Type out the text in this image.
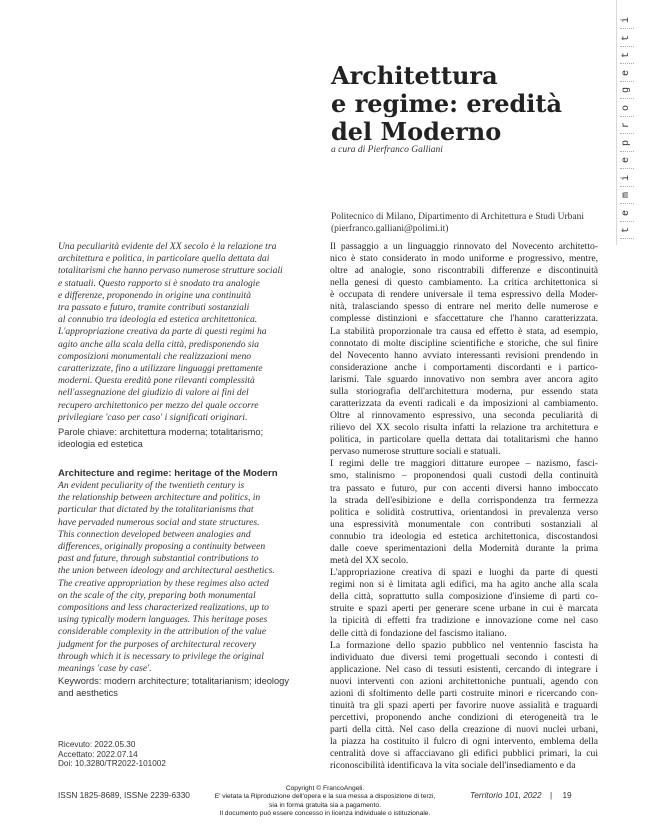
Architettura
e regime: eredità
del Moderno
a cura di Pierfranco Galliani
Politecnico di Milano, Dipartimento di Architettura e Studi Urbani
(pierfranco.galliani@polimi.it)
Una peculiarità evidente del XX secolo è la relazione tra
architettura e politica, in particolare quella dettata dai
totalitarismi che hanno pervaso numerose strutture sociali
e statuali. Questo rapporto si è snodato tra analogie
e differenze, proponendo in origine una continuità
tra passato e futuro, tramite contributi sostanziali
al connubio tra ideologia ed estetica architettonica.
L'appropriazione creativa da parte di questi regimi ha
agito anche alla scala della città, predisponendo sia
composizioni monumentali che realizzazioni meno
caratterizzate, fino a utilizzare linguaggi prettamente
moderni. Questa eredità pone rilevanti complessità
nell'assegnazione del giudizio di valore ai fini del
recupero architettonico per mezzo del quale occorre
privilegiare 'caso per caso' i significati originari.
Parole chiave: architettura moderna; totalitarismo;
ideologia ed estetica
Architecture and regime: heritage of the Modern
An evident peculiarity of the twentieth century is
the relationship between architecture and politics, in
particular that dictated by the totalitarianisms that
have pervaded numerous social and state structures.
This connection developed between analogies and
differences, originally proposing a continuity between
past and future, through substantial contributions to
the union between ideology and architectural aesthetics.
The creative appropriation by these regimes also acted
on the scale of the city, preparing both monumental
compositions and less characterized realizations, up to
using typically modern languages. This heritage poses
considerable complexity in the attribution of the value
judgment for the purposes of architectural recovery
through which it is necessary to privilege the original
meanings 'case by case'.
Keywords: modern architecture; totalitarianism; ideology
and aesthetics
Il passaggio a un linguaggio rinnovato del Novecento architetto-
nico è stato considerato in modo uniforme e progressivo, mentre,
oltre ad analogie, sono riscontrabili differenze e discontinuità
nella genesi di questo cambiamento. La critica architettonica si
è occupata di rendere universale il tema espressivo della Moder-
nità, tralasciando spesso di entrare nel merito delle numerose e
complesse distinzioni e sfaccettature che l'hanno caratterizzata.
La stabilità proporzionale tra causa ed effetto è stata, ad esempio,
connotato di molte discipline scientifiche e storiche, che sul finire
del Novecento hanno avviato interessanti revisioni prendendo in
considerazione anche i comportamenti discordanti e i partico-
larismi. Tale sguardo innovativo non sembra aver ancora agito
sulla storiografia dell'architettura moderna, pur essendo stata
caratterizzata da eventi radicali e da imposizioni al cambiamento.
Oltre al rinnovamento espressivo, una seconda peculiarità di
rilievo del XX secolo risulta infatti la relazione tra architettura e
politica, in particolare quella dettata dai totalitarismi che hanno
pervaso numerose strutture sociali e statuali.
I regimi delle tre maggiori dittature europee – nazismo, fasci-
smo, stalinismo – proponendosi quali custodi della continuità
tra passato e futuro, pur con accenti diversi hanno imboccato
la strada dell'esibizione e della corrispondenza tra fermezza
politica e solidità costruttiva, orientandosi in prevalenza verso
una espressività monumentale con contributi sostanziali al
connubio tra ideologia ed estetica architettonica, discostandosi
dalle coeve sperimentazioni della Modernità durante la prima
metà del XX secolo.
L'appropriazione creativa di spazi e luoghi da parte di questi
regimi non si è limitata agli edifici, ma ha agito anche alla scala
della città, soprattutto sulla composizione d'insieme di parti co-
struite e spazi aperti per generare scene urbane in cui è marcata
la tipicità di effetti fra tradizione e innovazione come nel caso
delle città di fondazione del fascismo italiano.
La formazione dello spazio pubblico nel ventennio fascista ha
individuato due diversi temi progettuali secondo i contesti di
applicazione. Nel caso di tessuti esistenti, cercando di integrare i
nuovi interventi con azioni architettoniche puntuali, agendo con
azioni di sfoltimento delle parti costruite minori e ricercando con-
tinuità tra gli spazi aperti per favorire nuove assialità e traguardi
percettivi, proponendo anche condizioni di eterogeneità tra le
parti della città. Nel caso della creazione di nuovi nuclei urbani,
la piazza ha costituito il fulcro di ogni intervento, emblema della
centralità dove si affacciavano gli edifici pubblici primari, la cui
riconoscibilità identificava la vita sociale dell'insediamento e da
Ricevuto: 2022.05.30
Accettato: 2022.07.14
Doi: 10.3280/TR2022-101002
ISSN 1825-8689, ISSNe 2239-6330
Copyright © FrancoAngeli.
E' vietata la Riproduzione dell'opera e la sua messa a disposizione di terzi,
sia in forma gratuita sia a pagamento.
Il documento può essere concesso in licenza individuale o istituzionale.
Territorio 101, 2022 | 19
i
t
t
e
g
o
r
p
e
i
m
e
t
